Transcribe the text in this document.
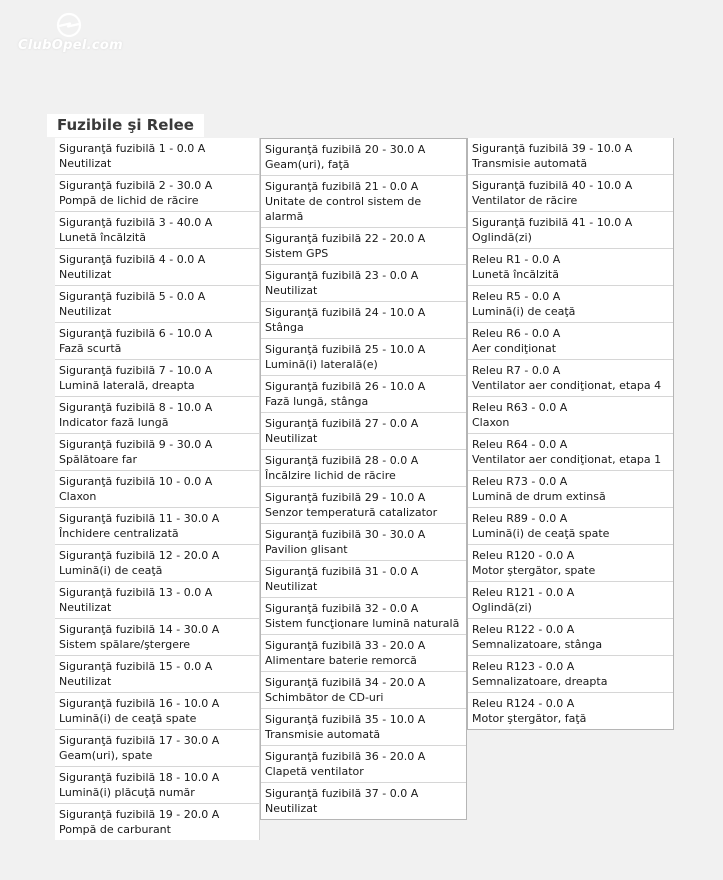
ClubOpel.com
Fuzibile şi Relee
Siguranţă fuzibilă 1 - 0.0 A
Neutilizat
Siguranţă fuzibilă 2 - 30.0 A
Pompă de lichid de răcire
Siguranţă fuzibilă 3 - 40.0 A
Lunetă încălzită
Siguranţă fuzibilă 4 - 0.0 A
Neutilizat
Siguranţă fuzibilă 5 - 0.0 A
Neutilizat
Siguranţă fuzibilă 6 - 10.0 A
Fază scurtă
Siguranţă fuzibilă 7 - 10.0 A
Lumină laterală, dreapta
Siguranţă fuzibilă 8 - 10.0 A
Indicator fază lungă
Siguranţă fuzibilă 9 - 30.0 A
Spălătoare far
Siguranţă fuzibilă 10 - 0.0 A
Claxon
Siguranţă fuzibilă 11 - 30.0 A
Închidere centralizată
Siguranţă fuzibilă 12 - 20.0 A
Lumină(i) de ceaţă
Siguranţă fuzibilă 13 - 0.0 A
Neutilizat
Siguranţă fuzibilă 14 - 30.0 A
Sistem spălare/ştergere
Siguranţă fuzibilă 15 - 0.0 A
Neutilizat
Siguranţă fuzibilă 16 - 10.0 A
Lumină(i) de ceaţă spate
Siguranţă fuzibilă 17 - 30.0 A
Geam(uri), spate
Siguranţă fuzibilă 18 - 10.0 A
Lumină(i) plăcuţă număr
Siguranţă fuzibilă 19 - 20.0 A
Pompă de carburant
Siguranţă fuzibilă 20 - 30.0 A
Geam(uri), faţă
Siguranţă fuzibilă 21 - 0.0 A
Unitate de control sistem de alarmă
Siguranţă fuzibilă 22 - 20.0 A
Sistem GPS
Siguranţă fuzibilă 23 - 0.0 A
Neutilizat
Siguranţă fuzibilă 24 - 10.0 A
Stânga
Siguranţă fuzibilă 25 - 10.0 A
Lumină(i) laterală(e)
Siguranţă fuzibilă 26 - 10.0 A
Fază lungă, stânga
Siguranţă fuzibilă 27 - 0.0 A
Neutilizat
Siguranţă fuzibilă 28 - 0.0 A
Încălzire lichid de răcire
Siguranţă fuzibilă 29 - 10.0 A
Senzor temperatură catalizator
Siguranţă fuzibilă 30 - 30.0 A
Pavilion glisant
Siguranţă fuzibilă 31 - 0.0 A
Neutilizat
Siguranţă fuzibilă 32 - 0.0 A
Sistem funcţionare lumină naturală
Siguranţă fuzibilă 33 - 20.0 A
Alimentare baterie remorcă
Siguranţă fuzibilă 34 - 20.0 A
Schimbător de CD-uri
Siguranţă fuzibilă 35 - 10.0 A
Transmisie automată
Siguranţă fuzibilă 36 - 20.0 A
Clapetă ventilator
Siguranţă fuzibilă 37 - 0.0 A
Neutilizat
Siguranţă fuzibilă 39 - 10.0 A
Transmisie automată
Siguranţă fuzibilă 40 - 10.0 A
Ventilator de răcire
Siguranţă fuzibilă 41 - 10.0 A
Oglindă(zi)
Releu R1 - 0.0 A
Lunetă încălzită
Releu R5 - 0.0 A
Lumină(i) de ceaţă
Releu R6 - 0.0 A
Aer condiţionat
Releu R7 - 0.0 A
Ventilator aer condiţionat, etapa 4
Releu R63 - 0.0 A
Claxon
Releu R64 - 0.0 A
Ventilator aer condiţionat, etapa 1
Releu R73 - 0.0 A
Lumină de drum extinsă
Releu R89 - 0.0 A
Lumină(i) de ceaţă spate
Releu R120 - 0.0 A
Motor ştergător, spate
Releu R121 - 0.0 A
Oglindă(zi)
Releu R122 - 0.0 A
Semnalizatoare, stânga
Releu R123 - 0.0 A
Semnalizatoare, dreapta
Releu R124 - 0.0 A
Motor ştergător, faţă
